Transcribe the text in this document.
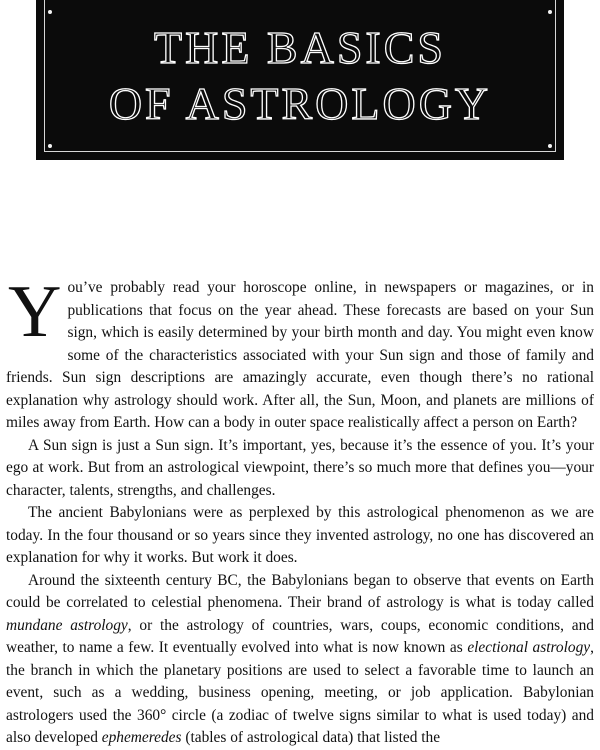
THE BASICS
OF ASTROLOGY

You’ve probably read your horoscope online, in newspapers or magazines, or in publications that focus on the year ahead. These forecasts are based on your Sun sign, which is easily determined by your birth month and day. You might even know some of the characteristics associated with your Sun sign and those of family and friends. Sun sign descriptions are amazingly accurate, even though there’s no rational explanation why astrology should work. After all, the Sun, Moon, and planets are millions of miles away from Earth. How can a body in outer space realistically affect a person on Earth?

A Sun sign is just a Sun sign. It’s important, yes, because it’s the essence of you. It’s your ego at work. But from an astrological viewpoint, there’s so much more that defines you—your character, talents, strengths, and challenges.

The ancient Babylonians were as perplexed by this astrological phenomenon as we are today. In the four thousand or so years since they invented astrology, no one has discovered an explanation for why it works. But work it does.

Around the sixteenth century BC, the Babylonians began to observe that events on Earth could be correlated to celestial phenomena. Their brand of astrology is what is today called mundane astrology, or the astrology of countries, wars, coups, economic conditions, and weather, to name a few. It eventually evolved into what is now known as electional astrology, the branch in which the planetary positions are used to select a favorable time to launch an event, such as a wedding, business opening, meeting, or job application. Babylonian astrologers used the 360° circle (a zodiac of twelve signs similar to what is used today) and also developed ephemeredes (tables of astrological data) that listed the
